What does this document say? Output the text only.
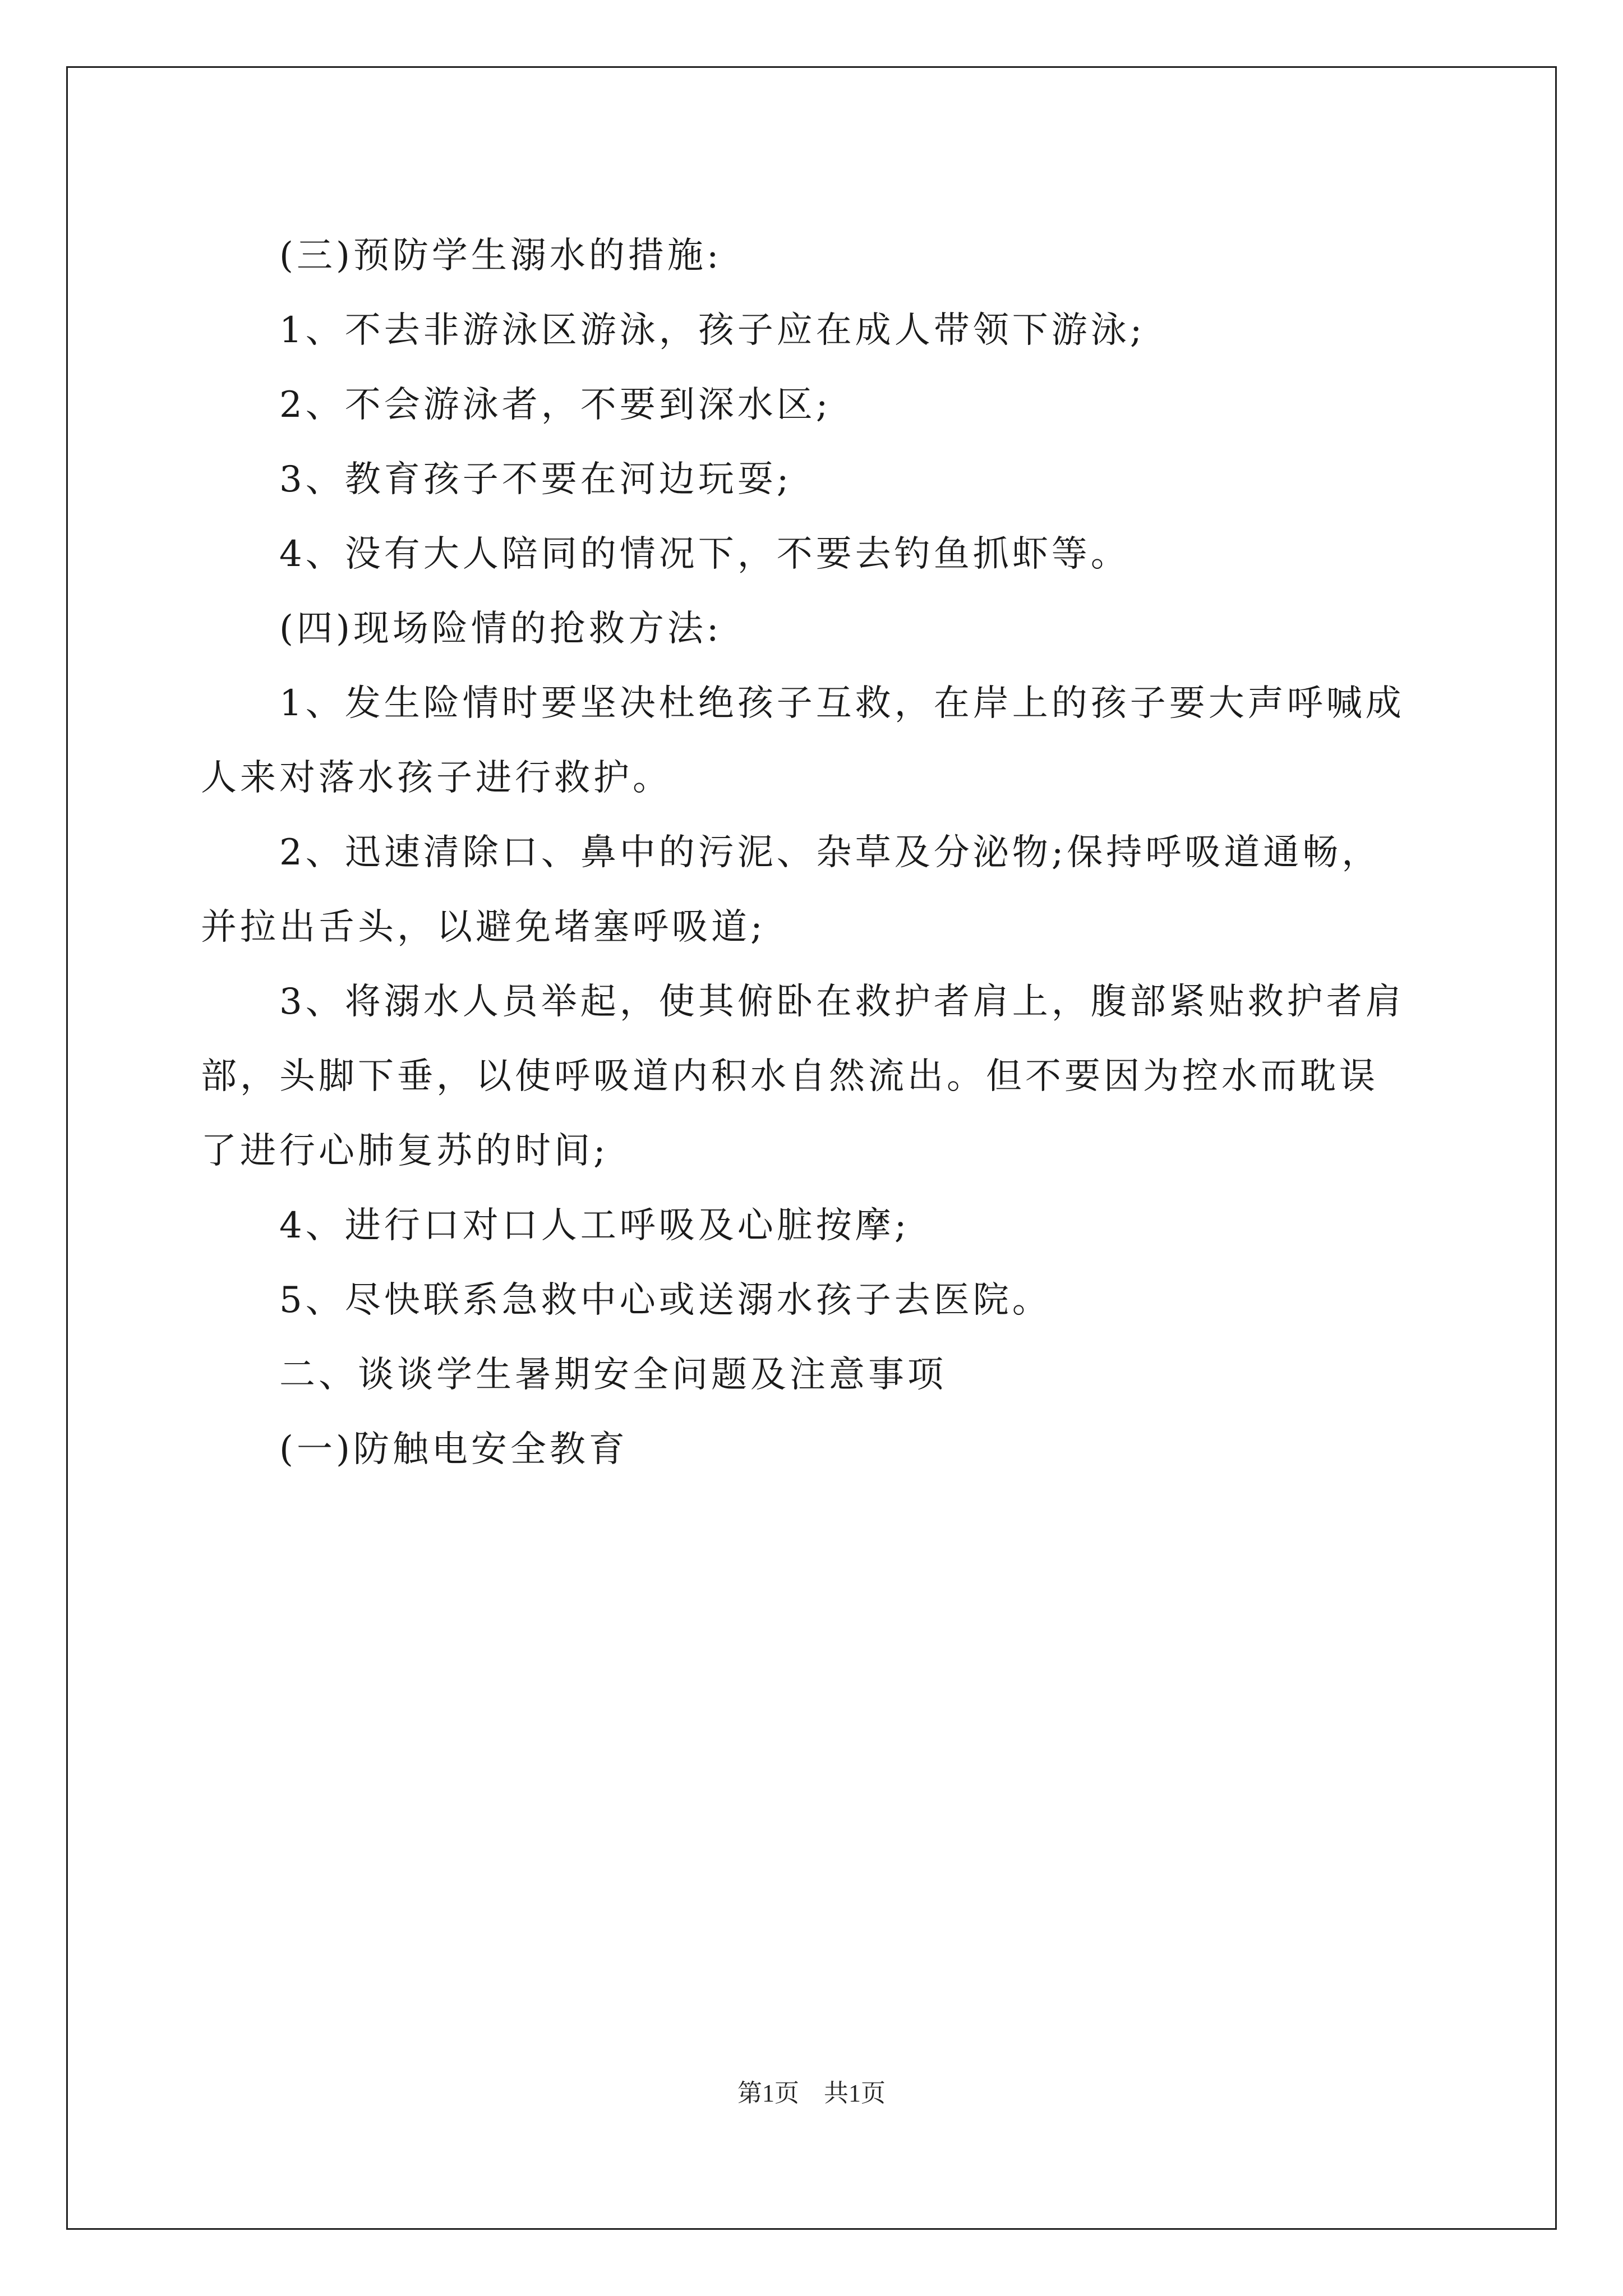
(三)预防学生溺水的措施:

1、不去非游泳区游泳，孩子应在成人带领下游泳;

2、不会游泳者，不要到深水区;

3、教育孩子不要在河边玩耍;

4、没有大人陪同的情况下，不要去钓鱼抓虾等。

(四)现场险情的抢救方法:

1、发生险情时要坚决杜绝孩子互救，在岸上的孩子要大声呼喊成

人来对落水孩子进行救护。

2、迅速清除口、鼻中的污泥、杂草及分泌物;保持呼吸道通畅，

并拉出舌头，以避免堵塞呼吸道;

3、将溺水人员举起，使其俯卧在救护者肩上，腹部紧贴救护者肩

部，头脚下垂，以使呼吸道内积水自然流出。但不要因为控水而耽误

了进行心肺复苏的时间;

4、进行口对口人工呼吸及心脏按摩;

5、尽快联系急救中心或送溺水孩子去医院。

二、谈谈学生暑期安全问题及注意事项

(一)防触电安全教育

第1页　共1页
